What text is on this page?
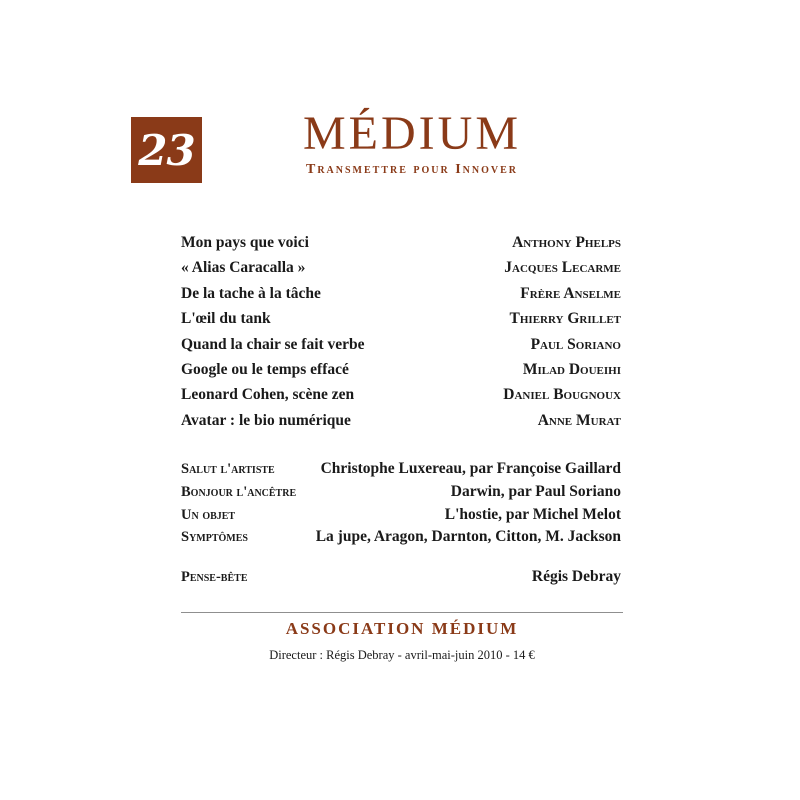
23	MÉDIUM
Transmettre pour Innover
Mon pays que voici	Anthony Phelps
« Alias Caracalla »	Jacques Lecarme
De la tache à la tâche	Frère Anselme
L'œil du tank	Thierry Grillet
Quand la chair se fait verbe	Paul Soriano
Google ou le temps effacé	Milad Doueihi
Leonard Cohen, scène zen	Daniel Bougnoux
Avatar : le bio numérique	Anne Murat
Salut l'artiste	Christophe Luxereau, par Françoise Gaillard
Bonjour l'ancêtre	Darwin, par Paul Soriano
Un objet	L'hostie, par Michel Melot
Symptômes	La jupe, Aragon, Darnton, Citton, M. Jackson
Pense-bête	Régis Debray
ASSOCIATION MÉDIUM
Directeur : Régis Debray - avril-mai-juin 2010 - 14 €
